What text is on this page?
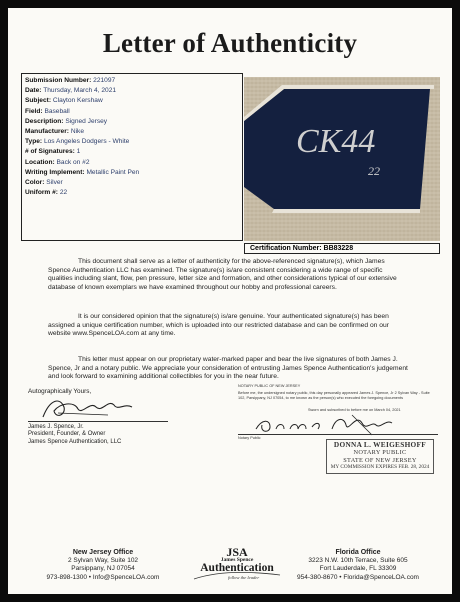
Letter of Authenticity
Submission Number: 221097
Date: Thursday, March 4, 2021
Subject: Clayton Kershaw
Field: Baseball
Description: Signed Jersey
Manufacturer: Nike
Type: Los Angeles Dodgers - White
# of Signatures: 1
Location: Back on #2
Writing Implement: Metallic Paint Pen
Color: Silver
Uniform #: 22
CK44
22
Certification Number: BB83228
This document shall serve as a letter of authenticity for the above-referenced signature(s), which James Spence Authentication LLC has examined. The signature(s) is/are consistent considering a wide range of specific qualities including slant, flow, pen pressure, letter size and formation, and other considerations typical of our extensive database of known exemplars we have examined throughout our hobby and professional careers.
It is our considered opinion that the signature(s) is/are genuine. Your authenticated signature(s) has been assigned a unique certification number, which is uploaded into our restricted database and can be confirmed on our website www.SpenceLOA.com at any time.
This letter must appear on our proprietary water-marked paper and bear the live signatures of both James J. Spence, Jr and a notary public. We appreciate your consideration of entrusting James Spence Authentication's judgement and look forward to examining additional collectibles for you in the near future.
Autographically Yours,
James J. Spence, Jr.
President, Founder, & Owner
James Spence Authentication, LLC
NOTARY PUBLIC OF NEW JERSEY
Before me, the undersigned notary public, this day personally appeared James J. Spence, Jr 2 Sylvan Way - Suite 102, Parsippany, NJ 07054, to me known as the person(s) who executed the foregoing documents
Sworn and subscribed to before me on March 04, 2021
Notary Public
DONNA L. WEIGESHOFF
NOTARY PUBLIC
STATE OF NEW JERSEY
MY COMMISSION EXPIRES FEB. 28, 2024
New Jersey Office
2 Sylvan Way, Suite 102
Parsippany, NJ 07054
973-898-1300 • Info@SpenceLOA.com
JSA
James Spence
Authentication
follow the leader
Florida Office
3223 N.W. 10th Terrace, Suite 605
Fort Lauderdale, FL 33309
954-380-8670 • Florida@SpenceLOA.com
